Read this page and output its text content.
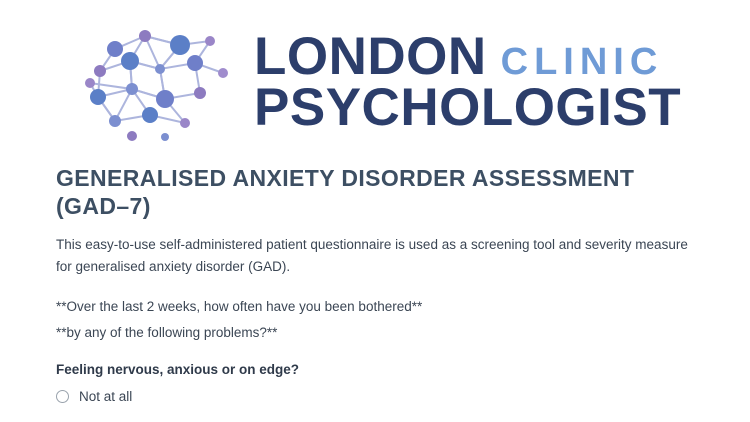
LONDON CLINIC
PSYCHOLOGIST
GENERALISED ANXIETY DISORDER ASSESSMENT (GAD–7)

This easy-to-use self-administered patient questionnaire is used as a screening tool and severity measure for generalised anxiety disorder (GAD).

**Over the last 2 weeks, how often have you been bothered**

**by any of the following problems?**

Feeling nervous, anxious or on edge?

Not at all
